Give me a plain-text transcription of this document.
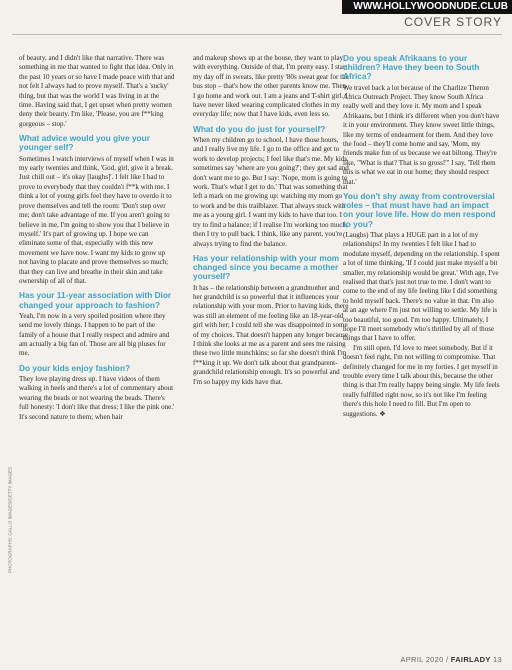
WWW.HOLLYWOODNUDE.CLUB
COVER STORY
PHOTOGRAPHS: GALLO IMAGES/GETTY IMAGES

of beauty, and I didn't like that narrative. There was something in me that wanted to fight that idea. Only in the past 10 years or so have I made peace with that and not felt I always had to prove myself. That's a 'sucky' thing, but that was the world I was living in at the time. Having said that, I get upset when pretty women deny their beauty. I'm like, 'Please, you are f**king gorgeous – stop.'

What advice would you give your younger self?

Sometimes I watch interviews of myself when I was in my early twenties and think, 'God, girl, give it a break. Just chill out – it's okay [laughs]'. I felt like I had to prove to everybody that they couldn't f**k with me. I think a lot of young girls feel they have to overdo it to prove themselves and tell the room: 'Don't step over me; don't take advantage of me. If you aren't going to believe in me, I'm going to show you that I believe in myself.' It's part of growing up. I hope we can eliminate some of that, especially with this new movement we have now. I want my kids to grow up not having to placate and prove themselves so much; that they can live and breathe in their skin and take ownership of all of that.

Has your 11-year association with Dior changed your approach to fashion?

Yeah, I'm now in a very spoiled position where they send me lovely things. I happen to be part of the family of a house that I really respect and admire and am actually a big fan of. Those are all big pluses for me.

Do your kids enjoy fashion?

They love playing dress up. I have videos of them walking in heels and there's a lot of commentary about wearing the beads or not wearing the beads. There's full honesty: 'I don't like that dress; I like the pink one.' It's second nature to them; when hair

and makeup shows up at the house, they want to play with everything. Outside of that, I'm pretty easy. I start my day off in sweats, like pretty '80s sweat gear for the bus stop – that's how the other parents know me. Then I go home and work out. I am a jeans and T-shirt girl. I have never liked wearing complicated clothes in my everyday life; now that I have kids, even less so.

What do you do just for yourself?

When my children go to school, I have those hours, and I really live my life. I go to the office and get to work to develop projects; I feel like that's me. My kids sometimes say 'where are you going?'; they get sad and don't want me to go. But I say: 'Nope, mom is going to work. That's what I get to do.' That was something that left a mark on me growing up: watching my mom go to work and be this trailblazer. That always stuck with me as a young girl. I want my kids to have that too. I try to find a balance; if I realise I'm working too much, then I try to pull back. I think, like any parent, you're always trying to find the balance.

Has your relationship with your mom changed since you became a mother yourself?

It has – the relationship between a grandmother and her grandchild is so powerful that it influences your relationship with your mom. Prior to having kids, there was still an element of me feeling like an 18-year-old girl with her; I could tell she was disappointed in some of my choices. That doesn't happen any longer because I think she looks at me as a parent and sees me raising these two little munchkins; so far she doesn't think I'm f**king it up. We don't talk about that grandparent-grandchild relationship enough. It's so powerful and I'm so happy my kids have that.

Do you speak Afrikaans to your children? Have they been to South Africa?

We travel back a lot because of the Charlize Theron Africa Outreach Project. They know South Africa really well and they love it. My mom and I speak Afrikaans, but I think it's different when you don't have it in your environment. They know sweet little things, like my terms of endearment for them. And they love the food – they'll come home and say, 'Mom, my friends make fun of us because we eat biltong. They're like, "What is that? That is so gross!"' I say, 'Tell them this is what we eat in our home; they should respect that.'

You don't shy away from controversial roles – that must have had an impact on your love life. How do men respond to you?

(Laughs) That plays a HUGE part in a lot of my relationships! In my twenties I felt like I had to modulate myself, depending on the relationship. I spent a lot of time thinking, 'If I could just make myself a bit smaller, my relationship would be great.' With age, I've realised that that's just not true to me. I don't want to come to the end of my life feeling like I did something to hold myself back. There's no value in that. I'm also at an age where I'm just not willing to settle. My life is too beautiful, too good. I'm too happy. Ultimately, I hope I'll meet somebody who's thrilled by all of those things that I have to offer.

I'm still open. I'd love to meet somebody. But if it doesn't feel right, I'm not willing to compromise. That definitely changed for me in my forties. I get myself in trouble every time I talk about this, because the other thing is that I'm really happy being single. My life feels really fulfilled right now, so it's not like I'm feeling there's this hole I need to fill. But I'm open to suggestions. ❖

APRIL 2020 / FAIRLADY 13
